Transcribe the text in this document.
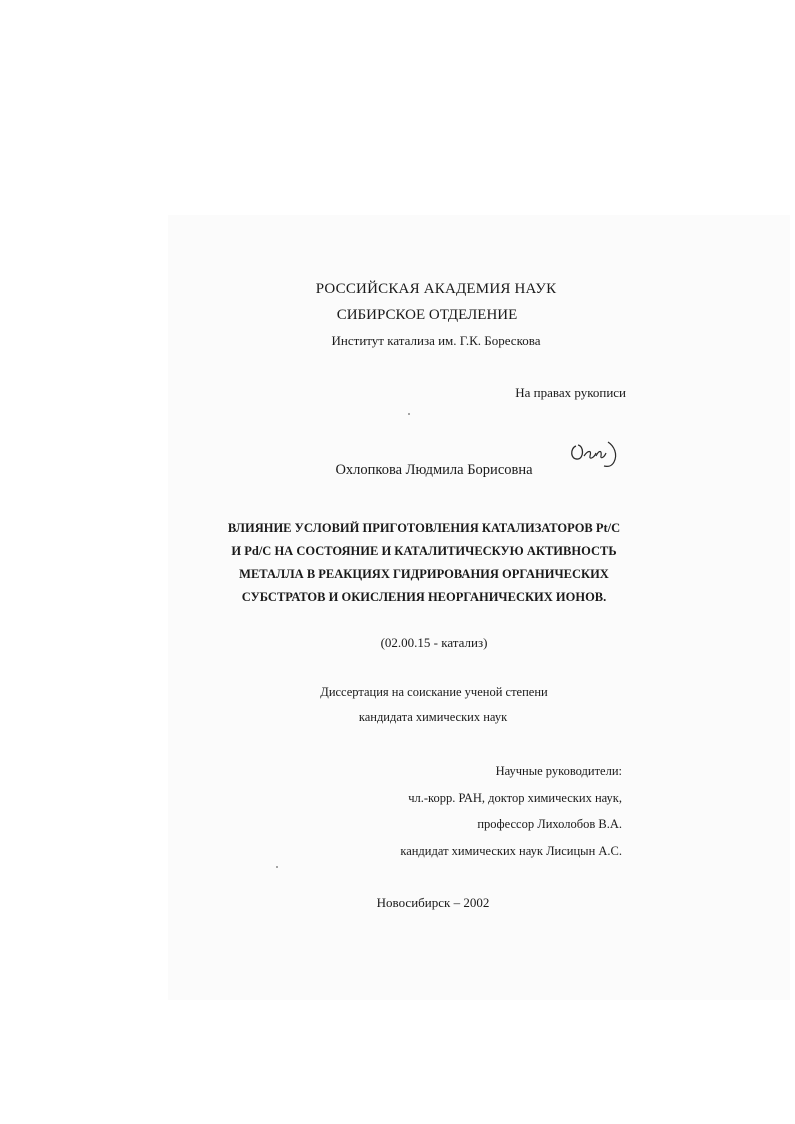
РОССИЙСКАЯ АКАДЕМИЯ НАУК
СИБИРСКОЕ ОТДЕЛЕНИЕ
Институт катализа им. Г.К. Борескова
На правах рукописи
Охлопкова Людмила Борисовна
ВЛИЯНИЕ УСЛОВИЙ ПРИГОТОВЛЕНИЯ КАТАЛИЗАТОРОВ Pt/C
И Pd/C НА СОСТОЯНИЕ И КАТАЛИТИЧЕСКУЮ АКТИВНОСТЬ
МЕТАЛЛА В РЕАКЦИЯХ ГИДРИРОВАНИЯ ОРГАНИЧЕСКИХ
СУБСТРАТОВ И ОКИСЛЕНИЯ НЕОРГАНИЧЕСКИХ ИОНОВ.
(02.00.15 - катализ)
Диссертация на соискание ученой степени
кандидата химических наук
Научные руководители:
чл.-корр. РАН, доктор химических наук,
профессор Лихолобов В.А.
кандидат химических наук Лисицын А.С.
Новосибирск – 2002
